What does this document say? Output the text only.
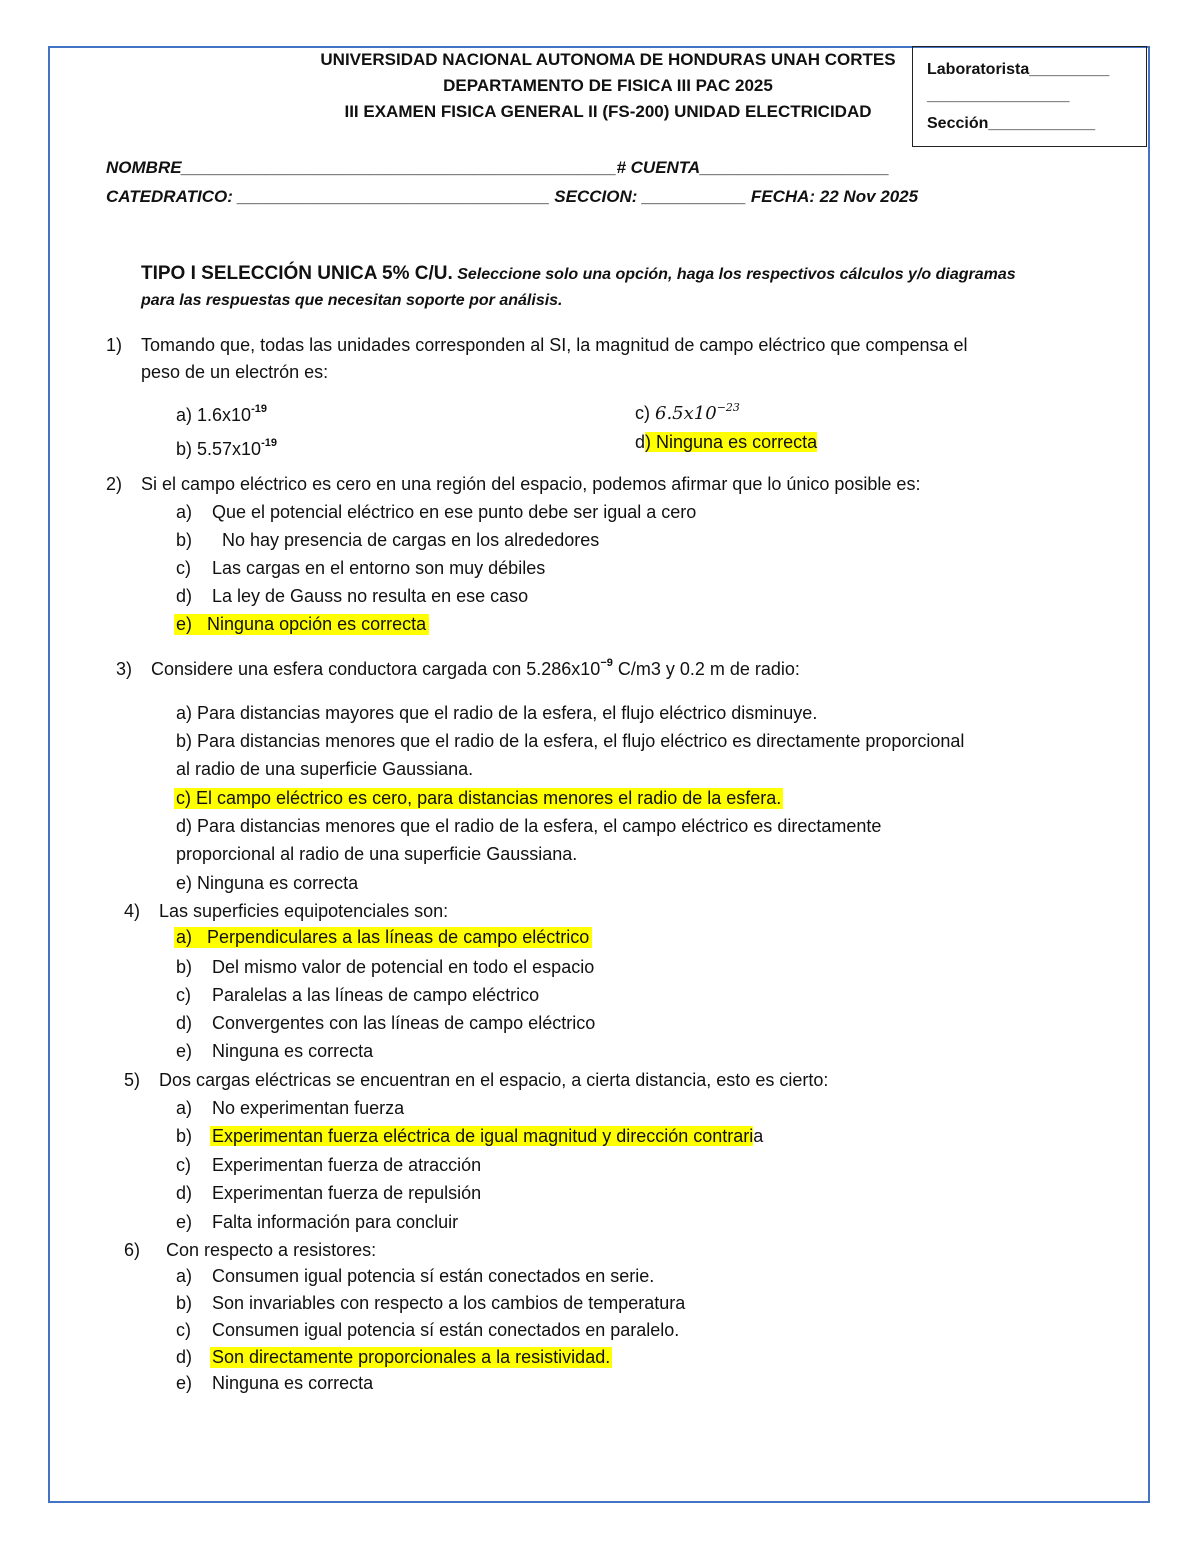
UNIVERSIDAD NACIONAL AUTONOMA DE HONDURAS UNAH CORTES
DEPARTAMENTO DE FISICA III PAC 2025
III EXAMEN FISICA GENERAL II (FS-200) UNIDAD ELECTRICIDAD
Laboratorista_________
________________
Sección____________
NOMBRE______________________________________________# CUENTA____________________
CATEDRATICO: _________________________________ SECCION: ___________ FECHA: 22 Nov 2025
TIPO I SELECCIÓN UNICA 5% C/U. Seleccione solo una opción, haga los respectivos cálculos y/o diagramas
para las respuestas que necesitan soporte por análisis.
1) Tomando que, todas las unidades corresponden al SI, la magnitud de campo eléctrico que compensa el
peso de un electrón es:
a) $1.6x10^{-19}$
b) $5.57x10^{-19}$
c) $6.5x10^{-23}$
d) Ninguna es correcta
2) Si el campo eléctrico es cero en una región del espacio, podemos afirmar que lo único posible es:
a) Que el potencial eléctrico en ese punto debe ser igual a cero
b) No hay presencia de cargas en los alrededores
c) Las cargas en el entorno son muy débiles
d) La ley de Gauss no resulta en ese caso
e) Ninguna opción es correcta
3) Considere una esfera conductora cargada con $5.286x10^{-9}$ C/m3 y 0.2 m de radio:
a) Para distancias mayores que el radio de la esfera, el flujo eléctrico disminuye.
b) Para distancias menores que el radio de la esfera, el flujo eléctrico es directamente proporcional
al radio de una superficie Gaussiana.
c) El campo eléctrico es cero, para distancias menores el radio de la esfera.
d) Para distancias menores que el radio de la esfera, el campo eléctrico es directamente
proporcional al radio de una superficie Gaussiana.
e) Ninguna es correcta
4) Las superficies equipotenciales son:
a) Perpendiculares a las líneas de campo eléctrico
b) Del mismo valor de potencial en todo el espacio
c) Paralelas a las líneas de campo eléctrico
d) Convergentes con las líneas de campo eléctrico
e) Ninguna es correcta
5) Dos cargas eléctricas se encuentran en el espacio, a cierta distancia, esto es cierto:
a) No experimentan fuerza
b) Experimentan fuerza eléctrica de igual magnitud y dirección contraria
c) Experimentan fuerza de atracción
d) Experimentan fuerza de repulsión
e) Falta información para concluir
6) Con respecto a resistores:
a) Consumen igual potencia sí están conectados en serie.
b) Son invariables con respecto a los cambios de temperatura
c) Consumen igual potencia sí están conectados en paralelo.
d) Son directamente proporcionales a la resistividad.
e) Ninguna es correcta
